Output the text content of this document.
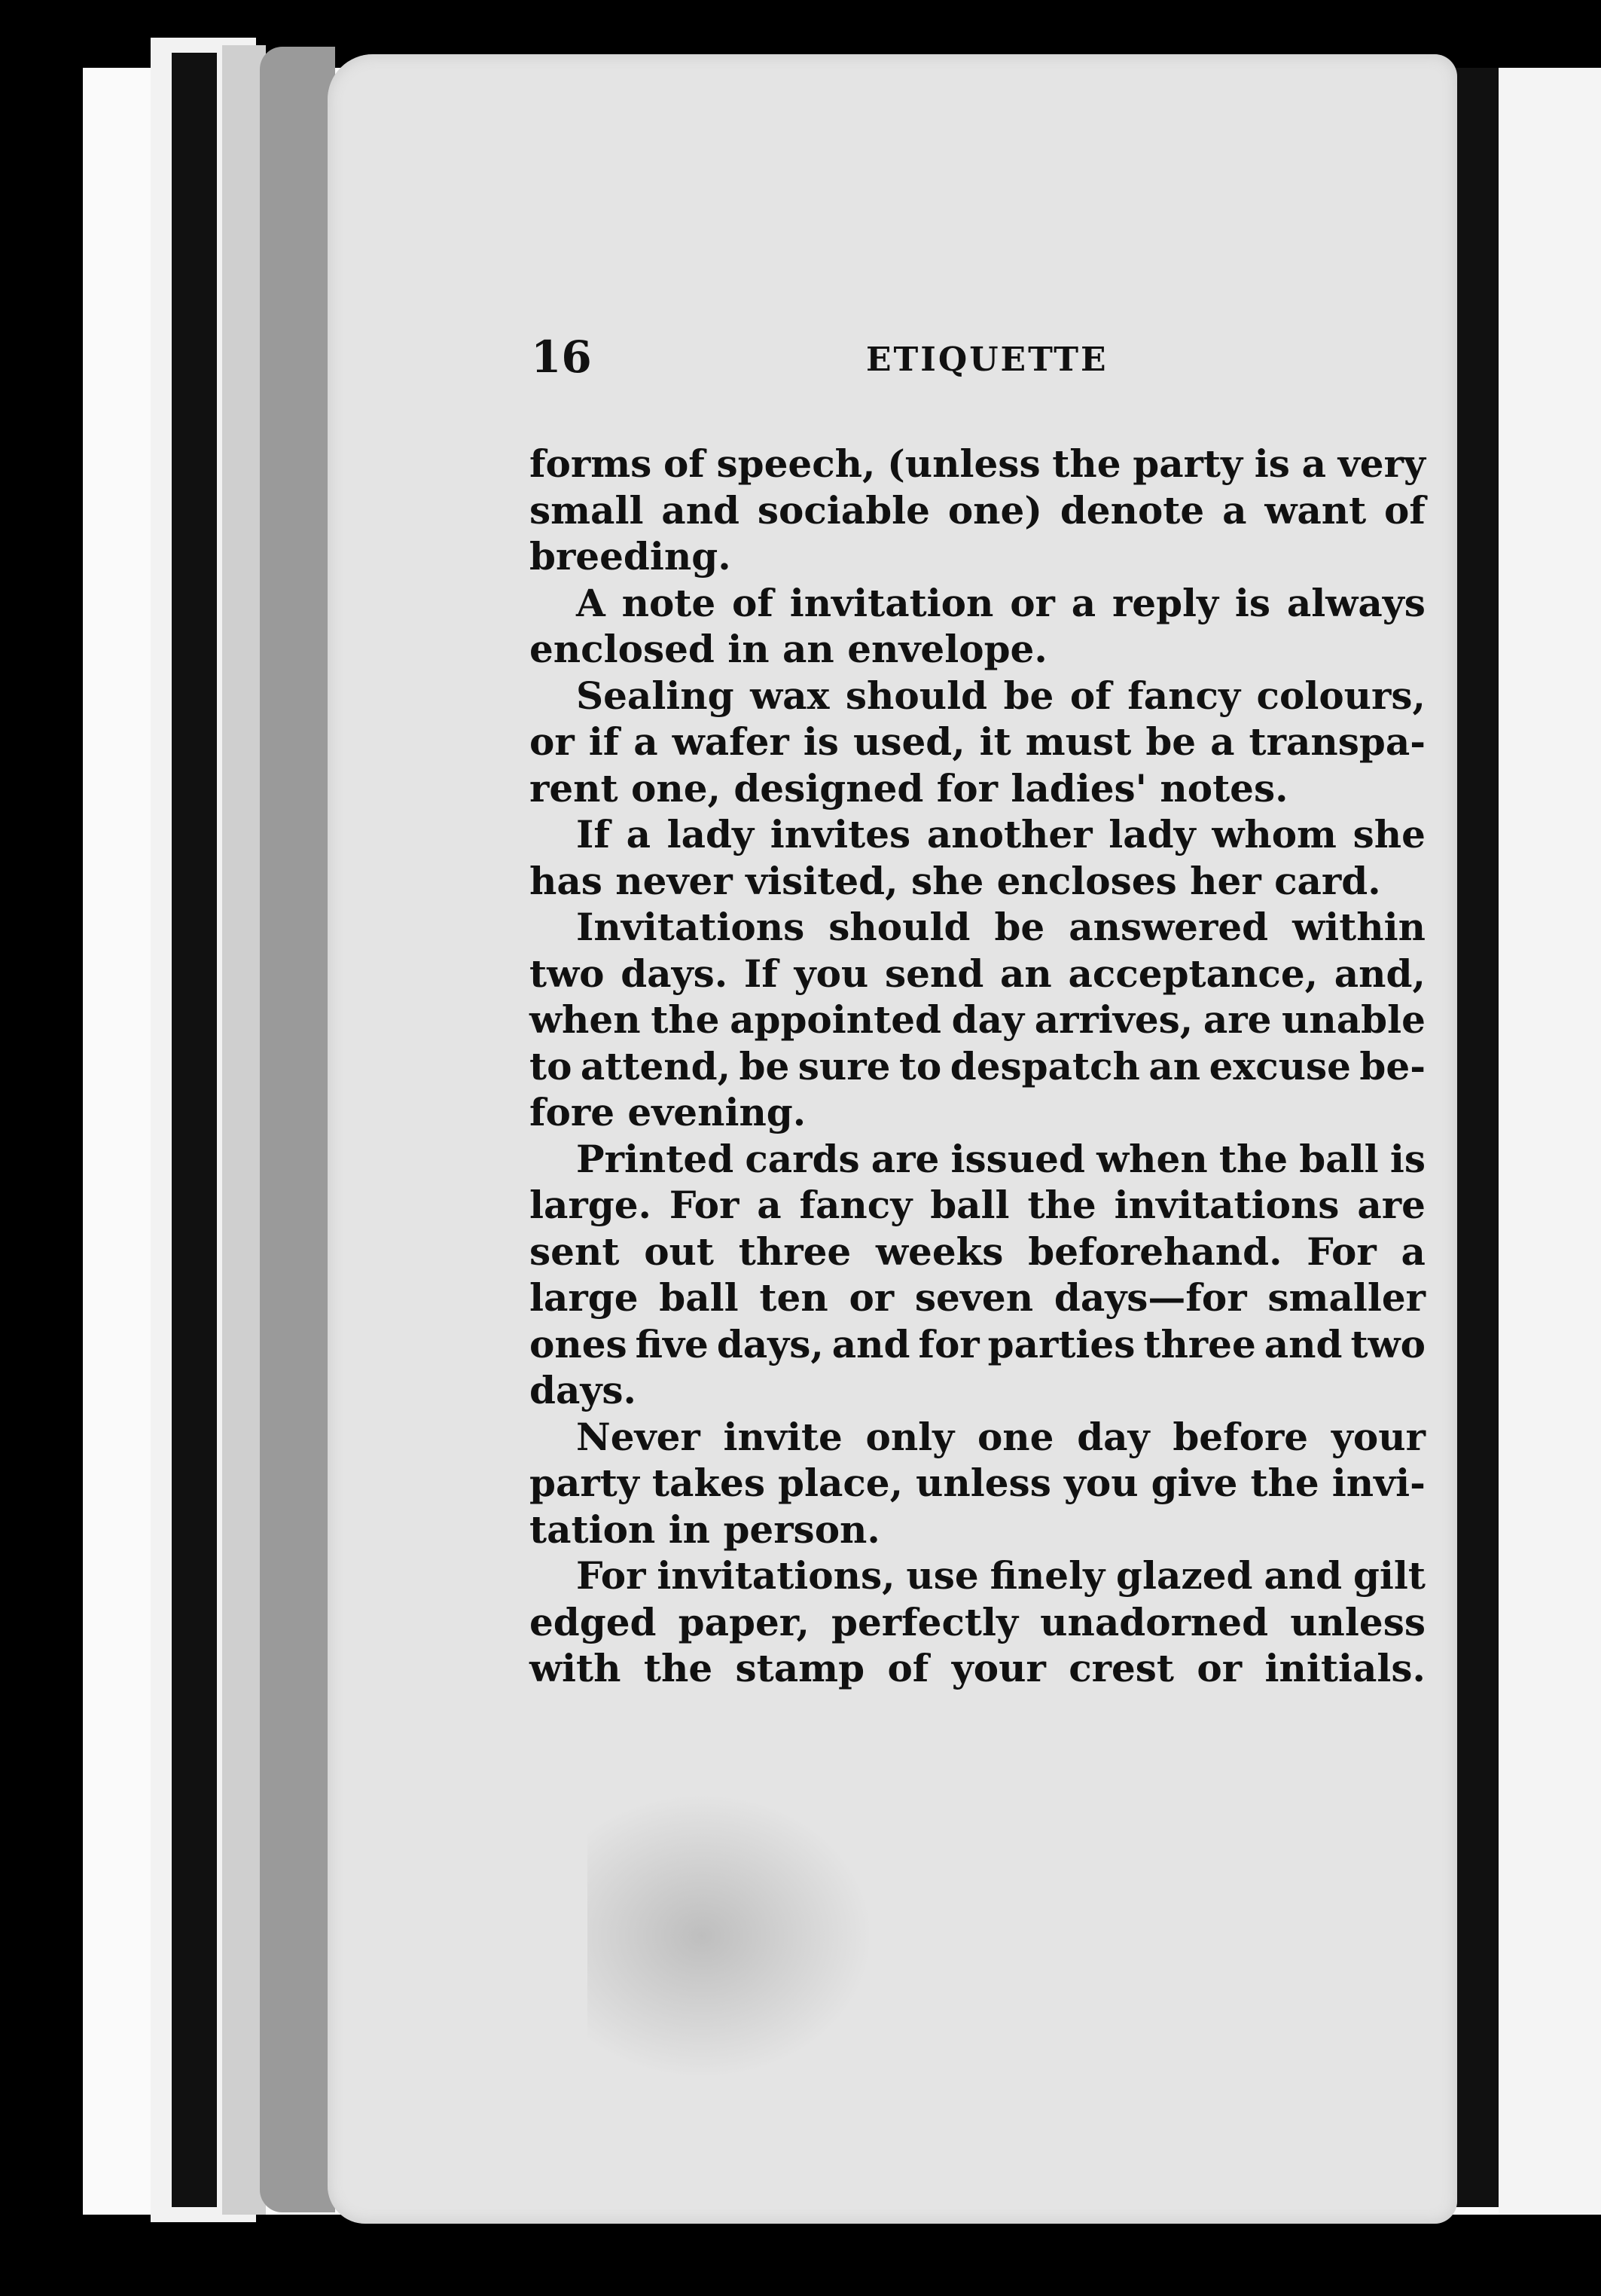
16	ETIQUETTE
forms of speech, (unless the party is a very
small and sociable one) denote a want of
breeding.
A note of invitation or a reply is always
enclosed in an envelope.
Sealing wax should be of fancy colours,
or if a wafer is used, it must be a transpa-
rent one, designed for ladies' notes.
If a lady invites another lady whom she
has never visited, she encloses her card.
Invitations should be answered within
two days. If you send an acceptance, and,
when the appointed day arrives, are unable
to attend, be sure to despatch an excuse be-
fore evening.
Printed cards are issued when the ball is
large. For a fancy ball the invitations are
sent out three weeks beforehand. For a
large ball ten or seven days—for smaller
ones five days, and for parties three and two
days.
Never invite only one day before your
party takes place, unless you give the invi-
tation in person.
For invitations, use finely glazed and gilt
edged paper, perfectly unadorned unless
with the stamp of your crest or initials.
